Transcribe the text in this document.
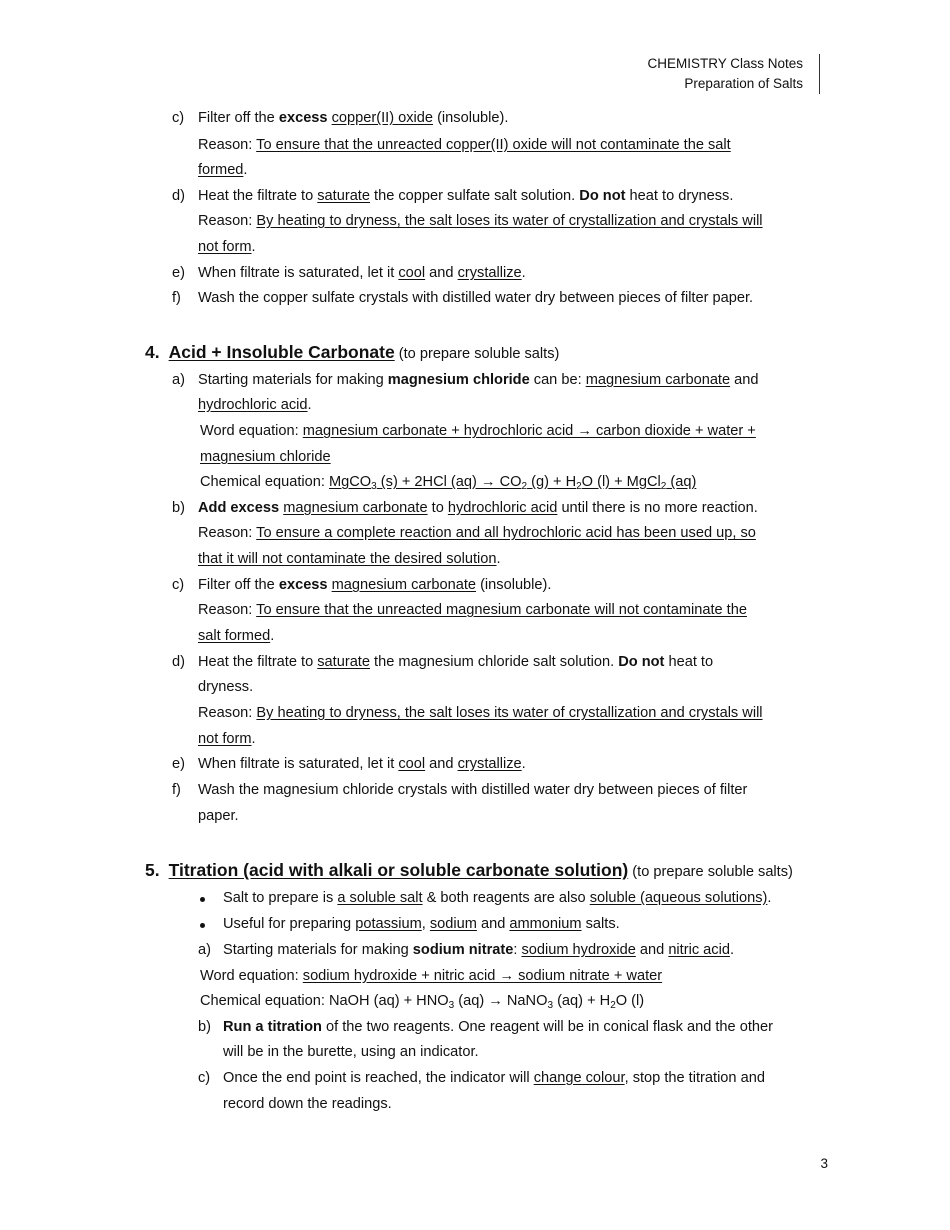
CHEMISTRY Class Notes
Preparation of Salts
c) Filter off the excess copper(II) oxide (insoluble).
Reason: To ensure that the unreacted copper(II) oxide will not contaminate the salt
formed.
d) Heat the filtrate to saturate the copper sulfate salt solution. Do not heat to dryness.
Reason: By heating to dryness, the salt loses its water of crystallization and crystals will
not form.
e) When filtrate is saturated, let it cool and crystallize.
f) Wash the copper sulfate crystals with distilled water dry between pieces of filter paper.
4. Acid + Insoluble Carbonate (to prepare soluble salts)
a) Starting materials for making magnesium chloride can be: magnesium carbonate and
hydrochloric acid.
Word equation: magnesium carbonate + hydrochloric acid → carbon dioxide + water +
magnesium chloride
Chemical equation: MgCO$_3$ (s) + 2HCl $(aq) \to CO_2$ $(g) + H_2O$ (l) + MgCl$_2$ (aq)
b) Add excess magnesium carbonate to hydrochloric acid until there is no more reaction.
Reason: To ensure a complete reaction and all hydrochloric acid has been used up, so
that it will not contaminate the desired solution.
c) Filter off the excess magnesium carbonate (insoluble).
Reason: To ensure that the unreacted magnesium carbonate will not contaminate the
salt formed.
d) Heat the filtrate to saturate the magnesium chloride salt solution. Do not heat to
dryness.
Reason: By heating to dryness, the salt loses its water of crystallization and crystals will
not form.
e) When filtrate is saturated, let it cool and crystallize.
f) Wash the magnesium chloride crystals with distilled water dry between pieces of filter
paper.
5. Titration (acid with alkali or soluble carbonate solution) (to prepare soluble salts)
Salt to prepare is a soluble salt & both reagents are also soluble (aqueous solutions).
Useful for preparing potassium, sodium and ammonium salts.
a) Starting materials for making sodium nitrate: sodium hydroxide and nitric acid.
Word equation: sodium hydroxide + nitric acid → sodium nitrate + water
Chemical equation: NaOH $(aq) + HNO_3$ (aq) → NaNO$_3$ $(aq) + H_2O$ (l)
b) Run a titration of the two reagents. One reagent will be in conical flask and the other
will be in the burette, using an indicator.
c) Once the end point is reached, the indicator will change colour, stop the titration and
record down the readings.
3
